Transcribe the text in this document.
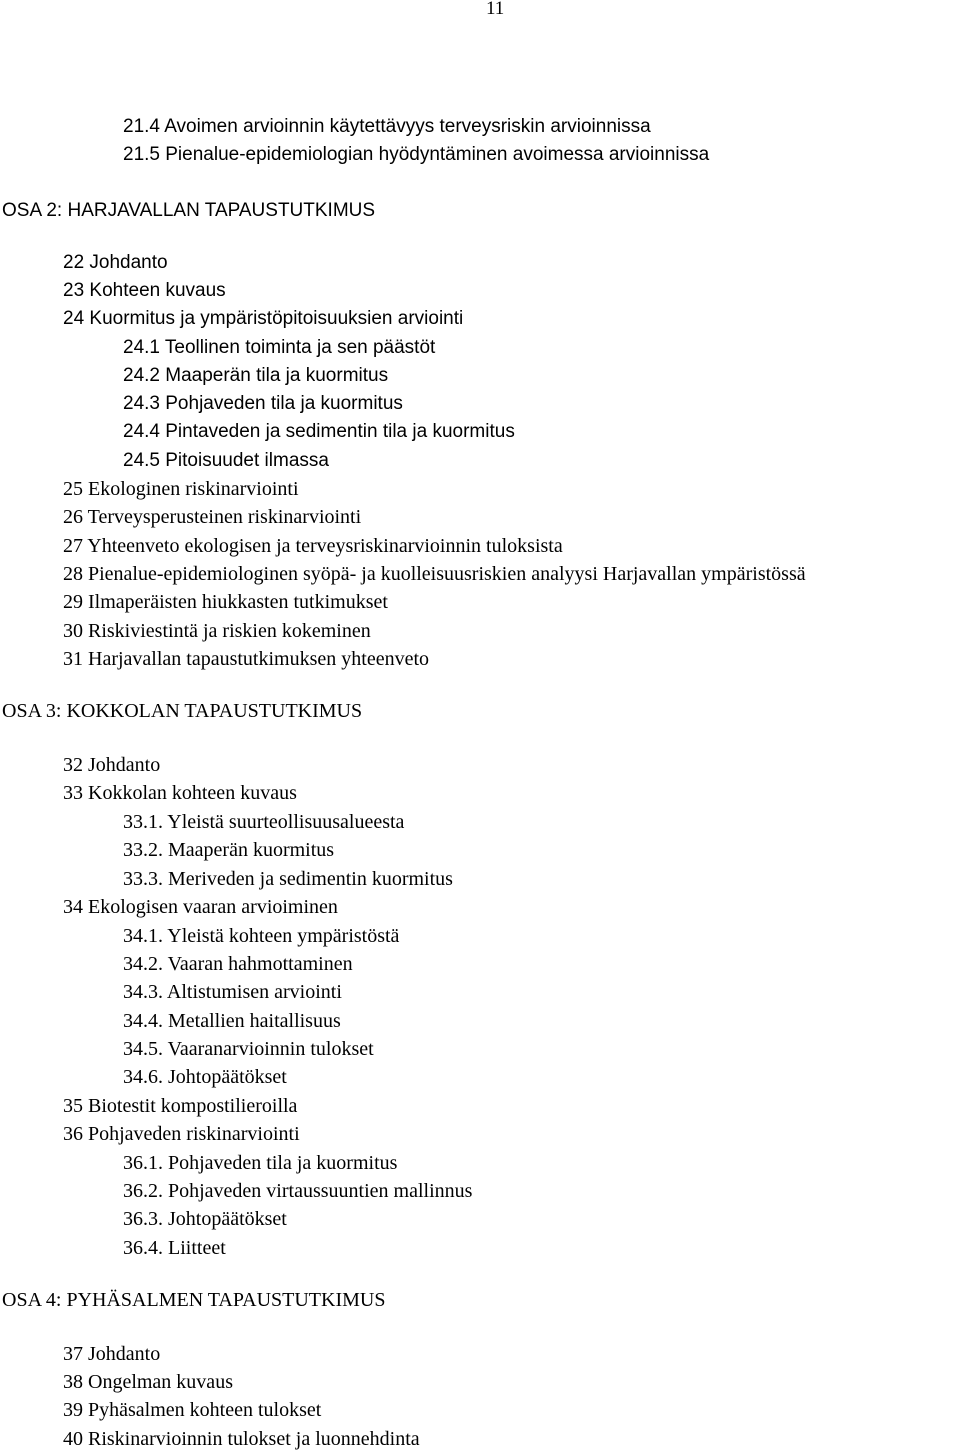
11
21.4 Avoimen arvioinnin käytettävyys terveysriskin arvioinnissa
21.5 Pienalue-epidemiologian hyödyntäminen avoimessa arvioinnissa
OSA 2: HARJAVALLAN TAPAUSTUTKIMUS
22 Johdanto
23 Kohteen kuvaus
24 Kuormitus ja ympäristöpitoisuuksien arviointi
24.1 Teollinen toiminta ja sen päästöt
24.2 Maaperän tila ja kuormitus
24.3 Pohjaveden tila ja kuormitus
24.4 Pintaveden ja sedimentin tila ja kuormitus
24.5 Pitoisuudet ilmassa
25 Ekologinen riskinarviointi
26 Terveysperusteinen riskinarviointi
27 Yhteenveto ekologisen ja terveysriskinarvioinnin tuloksista
28 Pienalue-epidemiologinen syöpä- ja kuolleisuusriskien analyysi Harjavallan ympäristössä
29 Ilmaperäisten hiukkasten tutkimukset
30 Riskiviestintä ja riskien kokeminen
31 Harjavallan tapaustutkimuksen yhteenveto
OSA 3: KOKKOLAN TAPAUSTUTKIMUS
32 Johdanto
33 Kokkolan kohteen kuvaus
33.1. Yleistä suurteollisuusalueesta
33.2. Maaperän kuormitus
33.3. Meriveden ja sedimentin kuormitus
34 Ekologisen vaaran arvioiminen
34.1. Yleistä kohteen ympäristöstä
34.2. Vaaran hahmottaminen
34.3. Altistumisen arviointi
34.4. Metallien haitallisuus
34.5. Vaaranarvioinnin tulokset
34.6. Johtopäätökset
35 Biotestit kompostilieroilla
36 Pohjaveden riskinarviointi
36.1. Pohjaveden tila ja kuormitus
36.2. Pohjaveden virtaussuuntien mallinnus
36.3. Johtopäätökset
36.4. Liitteet
OSA 4: PYHÄSALMEN TAPAUSTUTKIMUS
37 Johdanto
38 Ongelman kuvaus
39 Pyhäsalmen kohteen tulokset
40 Riskinarvioinnin tulokset ja luonnehdinta
